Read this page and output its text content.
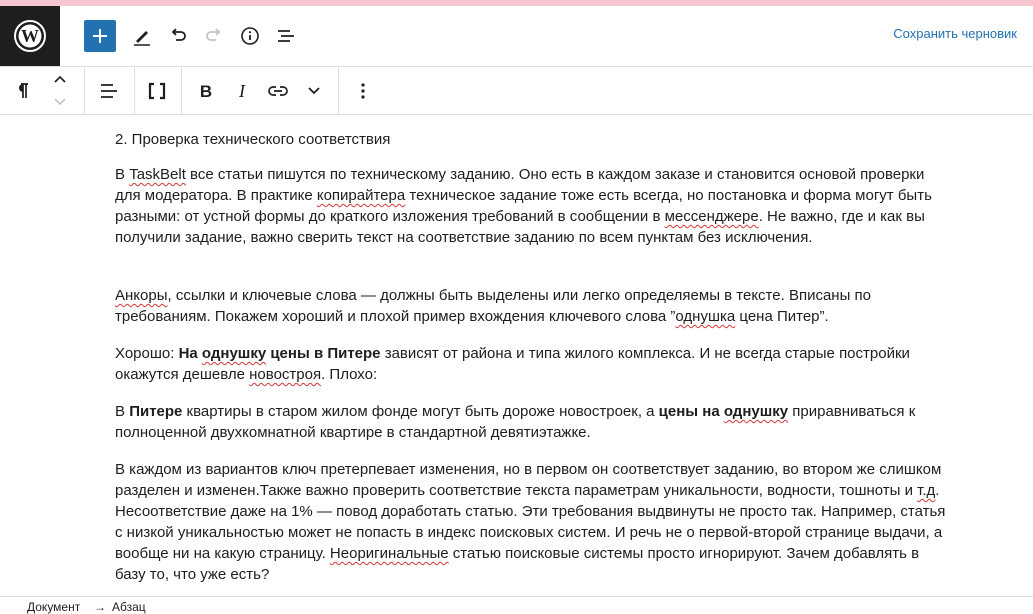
W	Сохранить черновик
B I

2. Проверка технического соответствия

В TaskBelt все статьи пишутся по техническому заданию. Оно есть в каждом заказе и становится основой проверки для модератора. В практике копирайтера техническое задание тоже есть всегда, но постановка и форма могут быть разными: от устной формы до краткого изложения требований в сообщении в мессенджере. Не важно, где и как вы получили задание, важно сверить текст на соответствие заданию по всем пунктам без исключения.

Анкоры, ссылки и ключевые слова — должны быть выделены или легко определяемы в тексте. Вписаны по требованиям. Покажем хороший и плохой пример вхождения ключевого слова ”однушка цена Питер”.

Хорошо: На однушку цены в Питере зависят от района и типа жилого комплекса. И не всегда старые постройки окажутся дешевле новостроя. Плохо:

В Питере квартиры в старом жилом фонде могут быть дороже новостроек, а цены на однушку приравниваться к полноценной двухкомнатной квартире в стандартной девятиэтажке.

В каждом из вариантов ключ претерпевает изменения, но в первом он соответствует заданию, во втором же слишком разделен и изменен.Также важно проверить соответствие текста параметрам уникальности, водности, тошноты и т.д. Несоответствие даже на 1% — повод доработать статью. Эти требования выдвинуты не просто так. Например, статья с низкой уникальностью может не попасть в индекс поисковых систем. И речь не о первой-второй странице выдачи, а вообще ни на какую страницу. Неоригинальные статью поисковые системы просто игнорируют. Зачем добавлять в базу то, что уже есть?

Документ → Абзац
